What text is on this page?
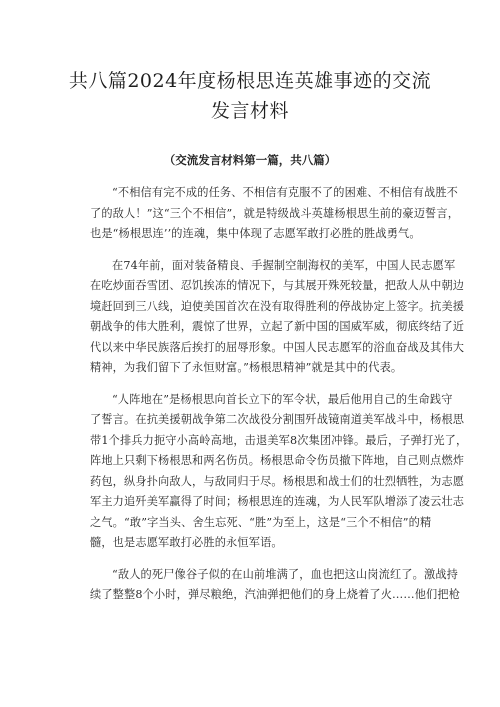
共八篇2024年度杨根思连英雄事迹的交流
发言材料
（交流发言材料第一篇，共八篇）
“不相信有完不成的任务、不相信有克服不了的困难、不相信有战胜不
了的敌人！”这“三个不相信”，就是特级战斗英雄杨根思生前的豪迈誓言，
也是“杨根思连’’的连魂，集中体现了志愿军敢打必胜的胜战勇气。
在74年前，面对装备精良、手握制空制海权的美军，中国人民志愿军
在吃炒面吞雪团、忍饥挨冻的情况下，与其展开殊死较量，把敌人从中朝边
境赶回到三八线，迫使美国首次在没有取得胜利的停战协定上签字。抗美援
朝战争的伟大胜利，震惊了世界，立起了新中国的国威军威，彻底终结了近
代以来中华民族落后挨打的屈辱形象。中国人民志愿军的浴血奋战及其伟大
精神，为我们留下了永恒财富。”杨根思精神”就是其中的代表。
“人阵地在”是杨根思向首长立下的军令状，最后他用自己的生命践守
了誓言。在抗美援朝战争第二次战役分割围歼战镜南道美军战斗中，杨根思
带1个排兵力扼守小高岭高地，击退美军8次集团冲锋。最后，子弹打光了，
阵地上只剩下杨根思和两名伤员。杨根思命令伤员撤下阵地，自己则点燃炸
药包，纵身扑向敌人，与敌同归于尽。杨根思和战士们的壮烈牺牲，为志愿
军主力追歼美军赢得了时间；杨根思连的连魂，为人民军队增添了凌云壮志
之气。“敢”字当头、舍生忘死、“胜”为至上，这是“三个不相信”的精
髓，也是志愿军敢打必胜的永恒军语。
“敌人的死尸像谷子似的在山前堆满了，血也把这山岗流红了。激战持
续了整整8个小时，弹尽粮绝，汽油弹把他们的身上烧着了火……他们把枪
